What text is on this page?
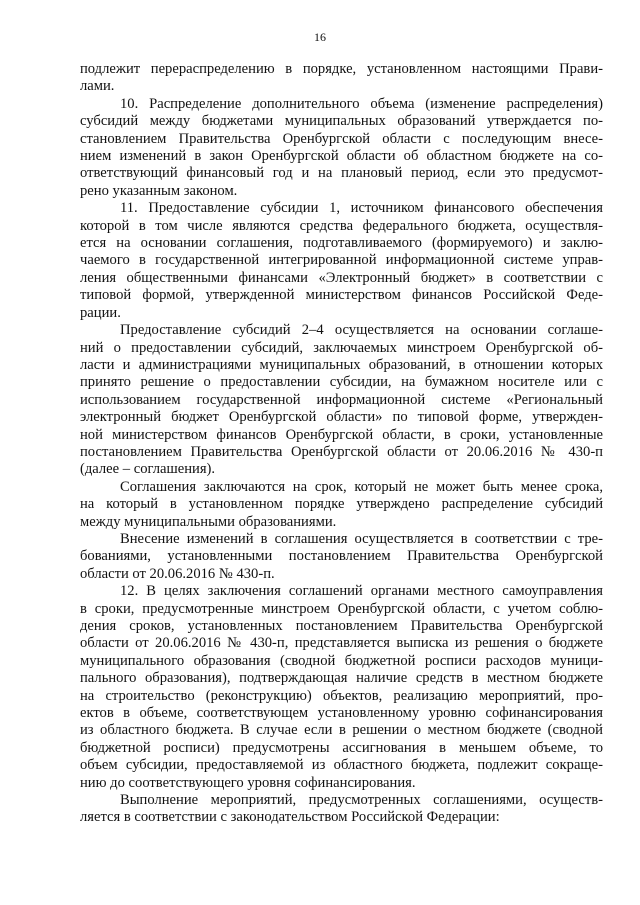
16

подлежит перераспределению в порядке, установленном настоящими Прави-
лами.

10. Распределение дополнительного объема (изменение распределения)
субсидий между бюджетами муниципальных образований утверждается по-
становлением Правительства Оренбургской области с последующим внесе-
нием изменений в закон Оренбургской области об областном бюджете на со-
ответствующий финансовый год и на плановый период, если это предусмот-
рено указанным законом.

11. Предоставление субсидии 1, источником финансового обеспечения
которой в том числе являются средства федерального бюджета, осуществля-
ется на основании соглашения, подготавливаемого (формируемого) и заклю-
чаемого в государственной интегрированной информационной системе управ-
ления общественными финансами «Электронный бюджет» в соответствии с
типовой формой, утвержденной министерством финансов Российской Феде-
рации.

Предоставление субсидий 2–4 осуществляется на основании соглаше-
ний о предоставлении субсидий, заключаемых минстроем Оренбургской об-
ласти и администрациями муниципальных образований, в отношении которых
принято решение о предоставлении субсидии, на бумажном носителе или с
использованием государственной информационной системе «Региональный
электронный бюджет Оренбургской области» по типовой форме, утвержден-
ной министерством финансов Оренбургской области, в сроки, установленные
постановлением Правительства Оренбургской области от 20.06.2016 № 430-п
(далее – соглашения).

Соглашения заключаются на срок, который не может быть менее срока,
на который в установленном порядке утверждено распределение субсидий
между муниципальными образованиями.

Внесение изменений в соглашения осуществляется в соответствии с тре-
бованиями, установленными постановлением Правительства Оренбургской
области от 20.06.2016 № 430-п.

12. В целях заключения соглашений органами местного самоуправления
в сроки, предусмотренные минстроем Оренбургской области, с учетом соблю-
дения сроков, установленных постановлением Правительства Оренбургской
области от 20.06.2016 № 430-п, представляется выписка из решения о бюджете
муниципального образования (сводной бюджетной росписи расходов муници-
пального образования), подтверждающая наличие средств в местном бюджете
на строительство (реконструкцию) объектов, реализацию мероприятий, про-
ектов в объеме, соответствующем установленному уровню софинансирования
из областного бюджета. В случае если в решении о местном бюджете (сводной
бюджетной росписи) предусмотрены ассигнования в меньшем объеме, то
объем субсидии, предоставляемой из областного бюджета, подлежит сокраще-
нию до соответствующего уровня софинансирования.

Выполнение мероприятий, предусмотренных соглашениями, осуществ-
ляется в соответствии с законодательством Российской Федерации:
